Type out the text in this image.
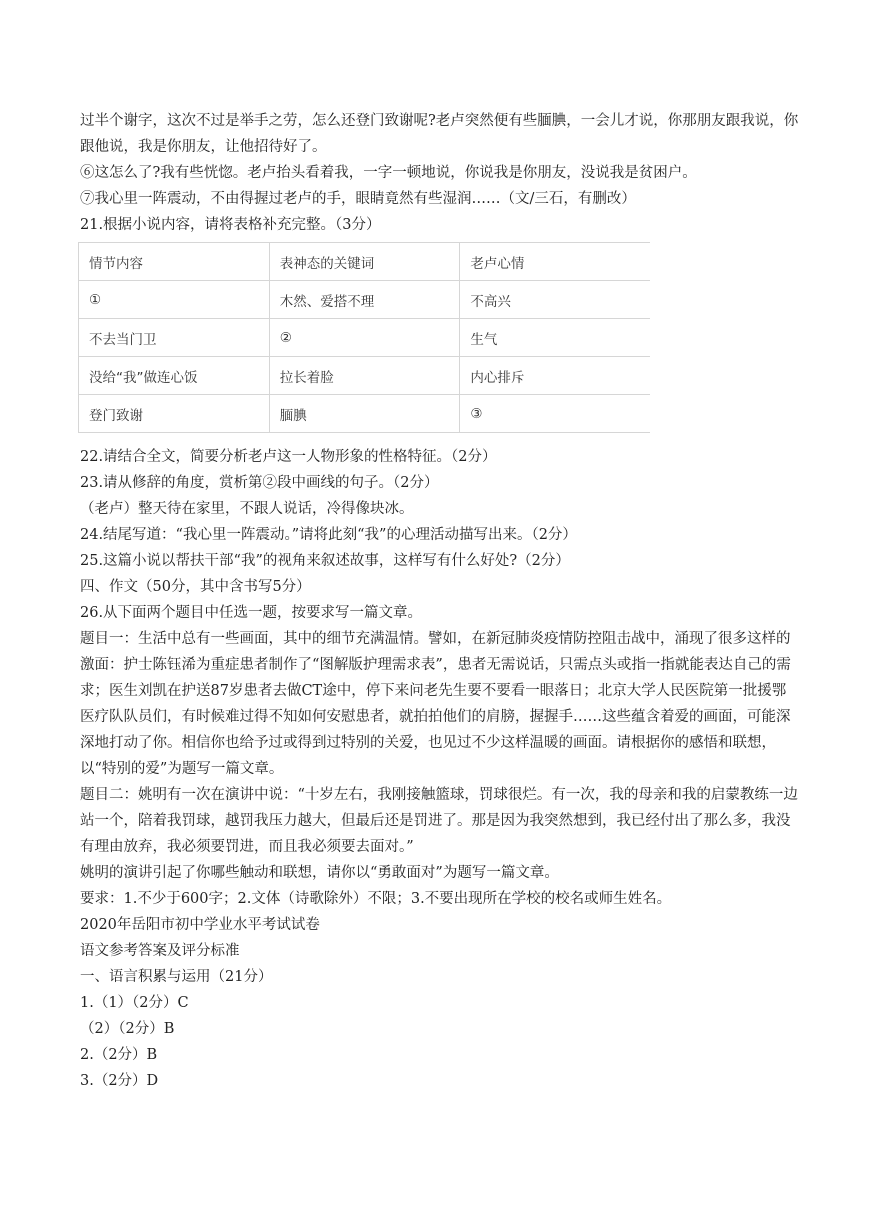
过半个谢字，这次不过是举手之劳，怎么还登门致谢呢?老卢突然便有些腼腆，一会儿才说，你那朋友跟我说，你跟他说，我是你朋友，让他招待好了。

⑥这怎么了?我有些恍惚。老卢抬头看着我，一字一顿地说，你说我是你朋友，没说我是贫困户。

⑦我心里一阵震动，不由得握过老卢的手，眼睛竟然有些湿润……（文/三石，有删改）

21.根据小说内容，请将表格补充完整。（3分）

情节内容	表神态的关键词	老卢心情
①	木然、爱搭不理	不高兴
不去当门卫	②	生气
没给“我”做连心饭	拉长着脸	内心排斥
登门致谢	腼腆	③

22.请结合全文，简要分析老卢这一人物形象的性格特征。（2分）

23.请从修辞的角度，赏析第②段中画线的句子。（2分）

（老卢）整天待在家里，不跟人说话，冷得像块冰。

24.结尾写道：“我心里一阵震动。”请将此刻“我”的心理活动描写出来。（2分）

25.这篇小说以帮扶干部“我”的视角来叙述故事，这样写有什么好处?（2分）

四、作文（50分，其中含书写5分）

26.从下面两个题目中任选一题，按要求写一篇文章。

题目一：生活中总有一些画面，其中的细节充满温情。譬如，在新冠肺炎疫情防控阻击战中，涌现了很多这样的激面：护士陈钰浠为重症患者制作了“图解版护理需求表”，患者无需说话，只需点头或指一指就能表达自己的需求；医生刘凯在护送87岁患者去做CT途中，停下来问老先生要不要看一眼落日；北京大学人民医院第一批援鄂医疗队队员们，有时候难过得不知如何安慰患者，就拍拍他们的肩膀，握握手……这些蕴含着爱的画面，可能深深地打动了你。相信你也给予过或得到过特别的关爱，也见过不少这样温暖的画面。请根据你的感悟和联想，以“特别的爱”为题写一篇文章。

题目二：姚明有一次在演讲中说：“十岁左右，我刚接触篮球，罚球很烂。有一次，我的母亲和我的启蒙教练一边站一个，陪着我罚球，越罚我压力越大，但最后还是罚进了。那是因为我突然想到，我已经付出了那么多，我没有理由放弃，我必须要罚进，而且我必须要去面对。”

姚明的演讲引起了你哪些触动和联想，请你以“勇敢面对”为题写一篇文章。

要求：1.不少于600字；2.文体（诗歌除外）不限；3.不要出现所在学校的校名或师生姓名。

2020年岳阳市初中学业水平考试试卷

语文参考答案及评分标准

一、语言积累与运用（21分）

1.（1）（2分）C

（2）（2分）B

2.（2分）B

3.（2分）D
